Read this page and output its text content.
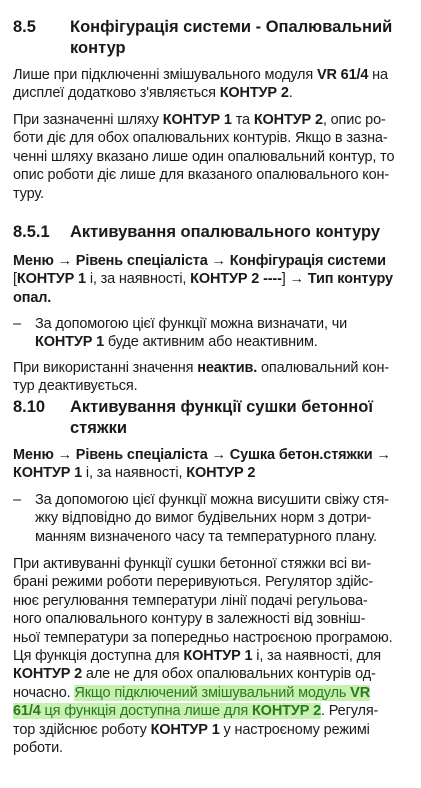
8.5 Конфігурація системи - Опалювальний
контур
Лише при підключенні змішувального модуля VR 61/4 на
дисплеї додатково з'являється КОНТУР 2.
При зазначенні шляху КОНТУР 1 та КОНТУР 2, опис ро-
боти діє для обох опалювальних контурів. Якщо в зазна-
ченні шляху вказано лише один опалювальний контур, то
опис роботи діє лише для вказаного опалювального кон-
туру.
8.5.1 Активування опалювального контуру
Меню → Рівень спеціаліста → Конфігурація системи
[КОНТУР 1 і, за наявності, КОНТУР 2 ----] → Тип контуру
опал.
– За допомогою цієї функції можна визначати, чи
КОНТУР 1 буде активним або неактивним.
При використанні значення неактив. опалювальний кон-
тур деактивується.
8.10 Активування функції сушки бетонної
стяжки
Меню → Рівень спеціаліста → Сушка бетон.стяжки →
КОНТУР 1 і, за наявності, КОНТУР 2
– За допомогою цієї функції можна висушити свіжу стя-
жку відповідно до вимог будівельних норм з дотри-
манням визначеного часу та температурного плану.
При активуванні функції сушки бетонної стяжки всі ви-
брані режими роботи переривуються. Регулятор здійс-
нює регулювання температури лінії подачі регульова-
ного опалювального контуру в залежності від зовніш-
ньої температури за попередньо настроєною програмою.
Ця функція доступна для КОНТУР 1 і, за наявності, для
КОНТУР 2 але не для обох опалювальних контурів од-
ночасно. Якщо підключений змішувальний модуль VR
61/4 ця функція доступна лише для КОНТУР 2. Регуля-
тор здійснює роботу КОНТУР 1 у настроєному режимі
роботи.
